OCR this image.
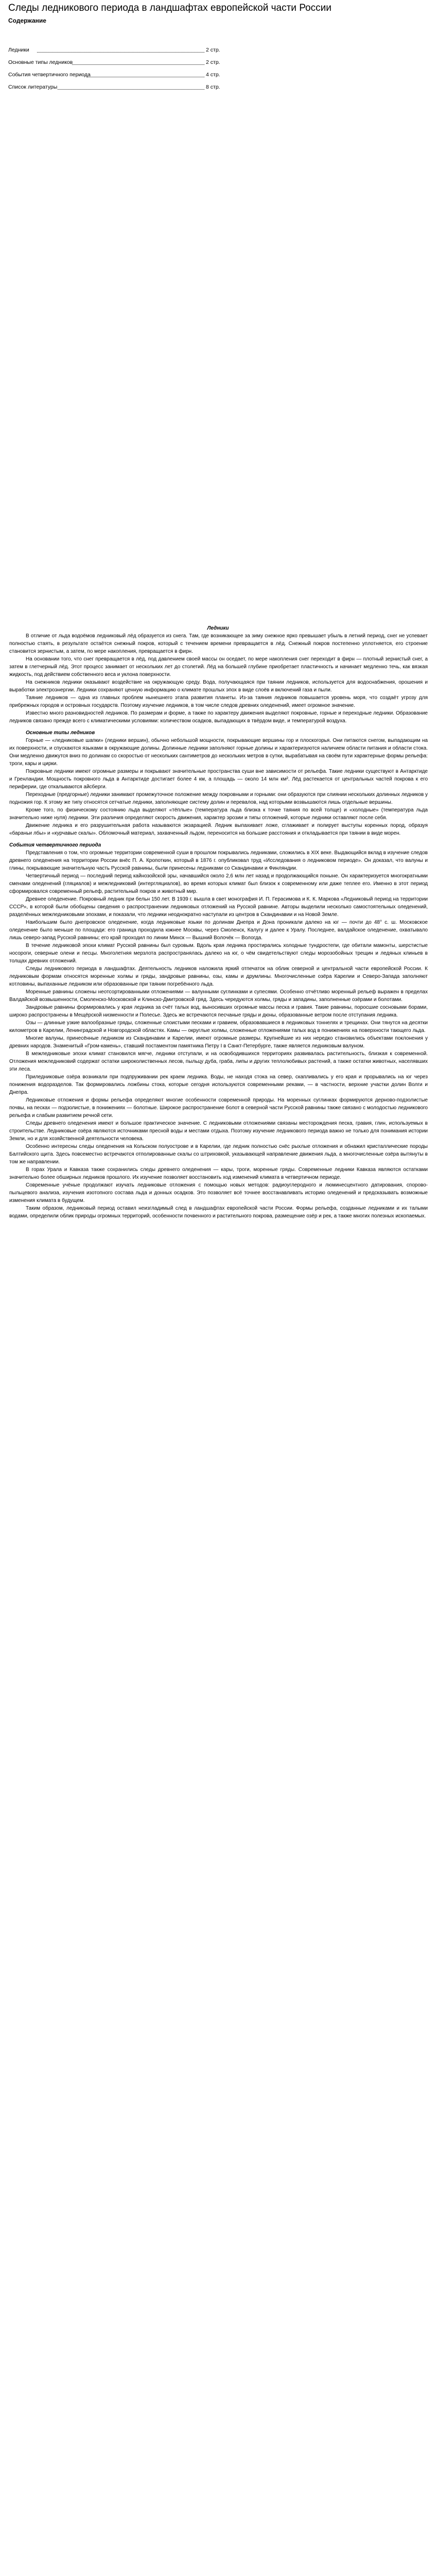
Следы ледникового периода в ландшафтах европейской части России
Содержание
Ледники	2 стр.
Основные типы ледников	2 стр.
События четвертичного периода	4 стр.
Список литературы	8 стр.
Ледники

В отличие от льда водоёмов ледниковый лёд образуется из снега. Там, где возникающее за зиму снежное ярко превышает убыль в летний период, снег не успевает полностью стаять, в результате остаётся снежный покров, который с течением времени превращается в лёд. Снежный покров постепенно уплотняется, его строение становится зернистым, а затем, по мере накопления, превращается в фирн.

На основании того, что снег превращается в лёд, под давлением своей массы он оседает, по мере накопления снег переходит в фирн — плотный зернистый снег, а затем в глетчерный лёд. Этот процесс занимает от нескольких лет до столетий. Лёд на большей глубине приобретает пластичность и начинает медленно течь, как вязкая жидкость, под действием собственного веса и уклона поверхности.

На снежников ледники оказывают воздействие на окружающую среду. Вода, получающаяся при таянии ледников, используется для водоснабжения, орошения и выработки электроэнергии. Ледники сохраняют ценную информацию о климате прошлых эпох в виде слоёв и включений газа и пыли.

Таяние ледников — одна из главных проблем нынешнего этапа развития планеты. Из-за таяния ледников повышается уровень моря, что создаёт угрозу для прибрежных городов и островных государств. Поэтому изучение ледников, в том числе следов древних оледенений, имеет огромное значение.

Известно много разновидностей ледников. По размерам и форме, а также по характеру движения выделяют покровные, горные и переходные ледники. Образование ледников связано прежде всего с климатическими условиями: количеством осадков, выпадающих в твёрдом виде, и температурой воздуха.

Основные типы ледников

Горные — «ледниковые шапки» (ледники вершин), обычно небольшой мощности, покрывающие вершины гор и плоскогорья. Они питаются снегом, выпадающим на их поверхности, и спускаются языками в окружающие долины. Долинные ледники заполняют горные долины и характеризуются наличием области питания и области стока. Они медленно движутся вниз по долинам со скоростью от нескольких сантиметров до нескольких метров в сутки, вырабатывая на своём пути характерные формы рельефа: троги, кары и цирки.

Покровные ледники имеют огромные размеры и покрывают значительные пространства суши вне зависимости от рельефа. Такие ледники существуют в Антарктиде и Гренландии. Мощность покровного льда в Антарктиде достигает более 4 км, а площадь — около 14 млн км². Лёд растекается от центральных частей покрова к его периферии, где откалываются айсберги.

Переходные (предгорные) ледники занимают промежуточное положение между покровными и горными: они образуются при слиянии нескольких долинных ледников у подножия гор. К этому же типу относятся сетчатые ледники, заполняющие систему долин и перевалов, над которыми возвышаются лишь отдельные вершины.

Кроме того, по физическому состоянию льда выделяют «тёплые» (температура льда близка к точке таяния по всей толще) и «холодные» (температура льда значительно ниже нуля) ледники. Эти различия определяют скорость движения, характер эрозии и типы отложений, которые ледники оставляют после себя.

Движение ледника и его разрушительная работа называются экзарацией. Ледник выпахивает ложе, сглаживает и полирует выступы коренных пород, образуя «бараньи лбы» и «курчавые скалы». Обломочный материал, захваченный льдом, переносится на большие расстояния и откладывается при таянии в виде морен.

События четвертичного периода

Представления о том, что огромные территории современной суши в прошлом покрывались ледниками, сложились в XIX веке. Выдающийся вклад в изучение следов древнего оледенения на территории России внёс П. А. Кропоткин, который в 1876 г. опубликовал труд «Исследования о ледниковом периоде». Он доказал, что валуны и глины, покрывающие значительную часть Русской равнины, были принесены ледниками со Скандинавии и Финляндии.

Четвертичный период — последний период кайнозойской эры, начавшийся около 2,6 млн лет назад и продолжающийся поныне. Он характеризуется многократными сменами оледенений (гляциалов) и межледниковий (интергляциалов), во время которых климат был близок к современному или даже теплее его. Именно в этот период сформировался современный рельеф, растительный покров и животный мир.

Древнее оледенение. Покровный ледник при бельн 150 лет. В 1939 г. вышла в свет монография И. П. Герасимова и К. К. Маркова «Ледниковый период на территории СССР», в которой были обобщены сведения о распространении ледниковых отложений на Русской равнине. Авторы выделили несколько самостоятельных оледенений, разделённых межледниковыми эпохами, и показали, что ледники неоднократно наступали из центров в Скандинавии и на Новой Земле.

Наибольшим было днепровское оледенение, когда ледниковые языки по долинам Днепра и Дона проникали далеко на юг — почти до 48° с. ш. Московское оледенение было меньше по площади: его граница проходила южнее Москвы, через Смоленск, Калугу и далее к Уралу. Последнее, валдайское оледенение, охватывало лишь северо-запад Русской равнины; его край проходил по линии Минск — Вышний Волочёк — Вологда.

В течение ледниковой эпохи климат Русской равнины был суровым. Вдоль края ледника простирались холодные тундростепи, где обитали мамонты, шерстистые носороги, северные олени и песцы. Многолетняя мерзлота распространялась далеко на юг, о чём свидетельствуют следы морозобойных трещин и ледяных клиньев в толщах древних отложений.

Следы ледникового периода в ландшафтах. Деятельность ледников наложила яркий отпечаток на облик северной и центральной части европейской России. К ледниковым формам относятся моренные холмы и гряды, зандровые равнины, озы, камы и друмлины. Многочисленные озёра Карелии и Северо-Запада заполняют котловины, выпаханные ледником или образованные при таянии погребённого льда.

Моренные равнины сложены неотсортированными отложениями — валунными суглинками и супесями. Особенно отчётливо моренный рельеф выражен в пределах Валдайской возвышенности, Смоленско-Московской и Клинско-Дмитровской гряд. Здесь чередуются холмы, гряды и западины, заполненные озёрами и болотами.

Зандровые равнины формировались у края ледника за счёт талых вод, выносивших огромные массы песка и гравия. Такие равнины, поросшие сосновыми борами, широко распространены в Мещёрской низменности и Полесье. Здесь же встречаются песчаные гряды и дюны, образованные ветром после отступания ледника.

Озы — длинные узкие валообразные гряды, сложенные слоистыми песками и гравием, образовавшиеся в ледниковых тоннелях и трещинах. Они тянутся на десятки километров в Карелии, Ленинградской и Новгородской областях. Камы — округлые холмы, сложенные отложениями талых вод в понижениях на поверхности тающего льда.

Многие валуны, принесённые ледником из Скандинавии и Карелии, имеют огромные размеры. Крупнейшие из них нередко становились объектами поклонения у древних народов. Знаменитый «Гром-камень», ставший постаментом памятника Петру I в Санкт-Петербурге, также является ледниковым валуном.

В межледниковые эпохи климат становился мягче, ледники отступали, и на освободившихся территориях развивалась растительность, близкая к современной. Отложения межледниковий содержат остатки широколиственных лесов, пыльцу дуба, граба, липы и других теплолюбивых растений, а также остатки животных, населявших эти леса.

Приледниковые озёра возникали при подпруживании рек краем ледника. Воды, не находя стока на север, скапливались у его края и прорывались на юг через понижения водоразделов. Так формировались ложбины стока, которые сегодня используются современными реками, — в частности, верхние участки долин Волги и Днепра.

Ледниковые отложения и формы рельефа определяют многие особенности современной природы. На моренных суглинках формируются дерново-подзолистые почвы, на песках — подзолистые, в понижениях — болотные. Широкое распространение болот в северной части Русской равнины также связано с молодостью ледникового рельефа и слабым развитием речной сети.

Следы древнего оледенения имеют и большое практическое значение. С ледниковыми отложениями связаны месторождения песка, гравия, глин, используемых в строительстве. Ледниковые озёра являются источниками пресной воды и местами отдыха. Поэтому изучение ледникового периода важно не только для понимания истории Земли, но и для хозяйственной деятельности человека.

Особенно интересны следы оледенения на Кольском полуострове и в Карелии, где ледник полностью снёс рыхлые отложения и обнажил кристаллические породы Балтийского щита. Здесь повсеместно встречаются отполированные скалы со штриховкой, указывающей направление движения льда, а многочисленные озёра вытянуты в том же направлении.

В горах Урала и Кавказа также сохранились следы древнего оледенения — кары, троги, моренные гряды. Современные ледники Кавказа являются остатками значительно более обширных ледников прошлого. Их изучение позволяет восстановить ход изменений климата в четвертичном периоде.

Современные учёные продолжают изучать ледниковые отложения с помощью новых методов: радиоуглеродного и люминесцентного датирования, спорово-пыльцевого анализа, изучения изотопного состава льда и донных осадков. Это позволяет всё точнее восстанавливать историю оледенений и предсказывать возможные изменения климата в будущем.

Таким образом, ледниковый период оставил неизгладимый след в ландшафтах европейской части России. Формы рельефа, созданные ледниками и их талыми водами, определили облик природы огромных территорий, особенности почвенного и растительного покрова, размещение озёр и рек, а также многих полезных ископаемых.
